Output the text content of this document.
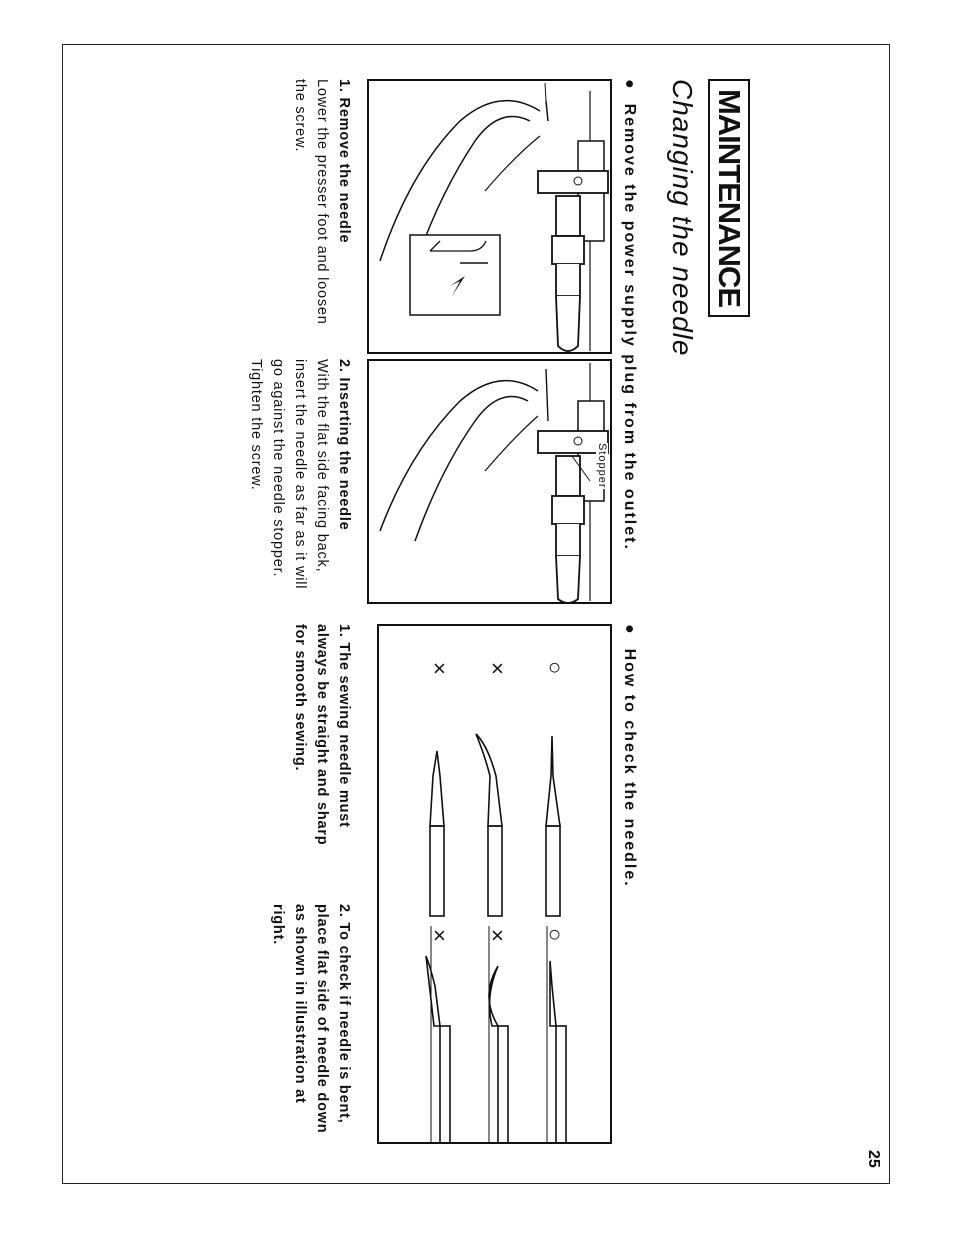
25
MAINTENANCE
Changing the needle
●  Remove the power supply plug from the outlet.
●  How to check the needle.
Stopper
○
×
×
○
×
×
1. Remove the needle
Lower the presser foot and loosen the screw.
2. Inserting the needle
With the flat side facing back, insert the needle as far as it will go against the needle stopper. Tighten the screw.
1. The sewing needle must always be straight and sharp for smooth sewing.
2. To check if needle is bent, place flat side of needle down as shown in illustration at right.
